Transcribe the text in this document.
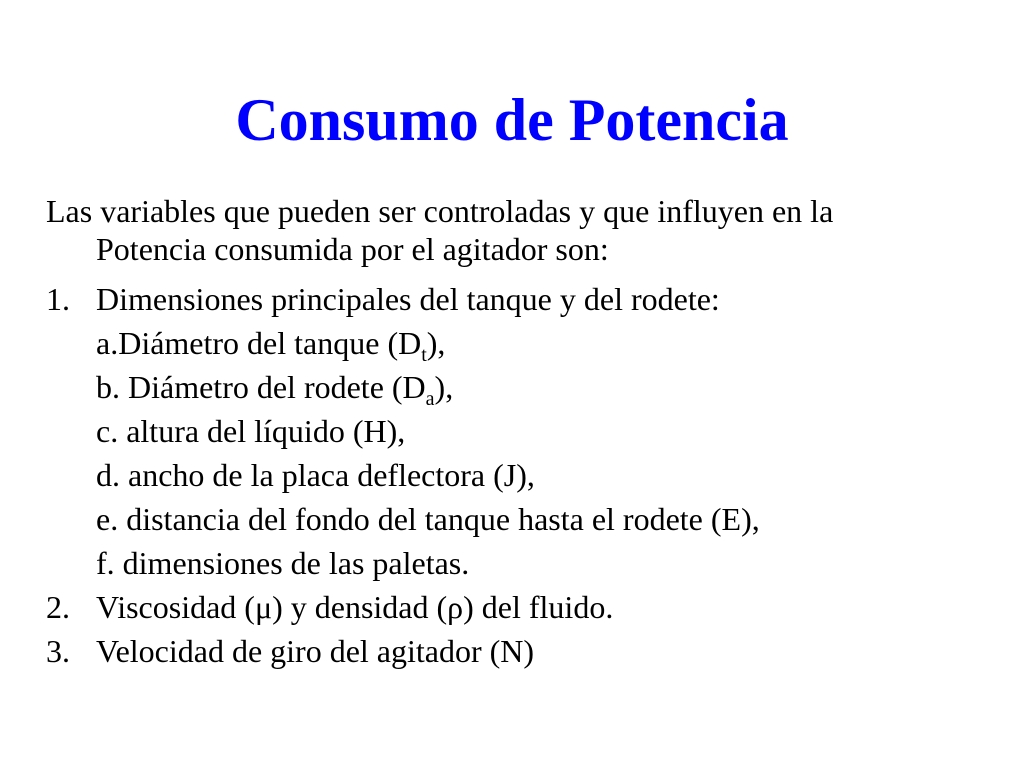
Consumo de Potencia
Las variables que pueden ser controladas y que influyen en la
Potencia consumida por el agitador son:
1. Dimensiones principales del tanque y del rodete:
a.Diámetro del tanque $(D_t)$,
b. Diámetro del rodete $(D_a)$,
c. altura del líquido (H),
d. ancho de la placa deflectora (J),
e. distancia del fondo del tanque hasta el rodete (E),
f. dimensiones de las paletas.
2. Viscosidad (μ) y densidad (ρ) del fluido.
3. Velocidad de giro del agitador (N)
